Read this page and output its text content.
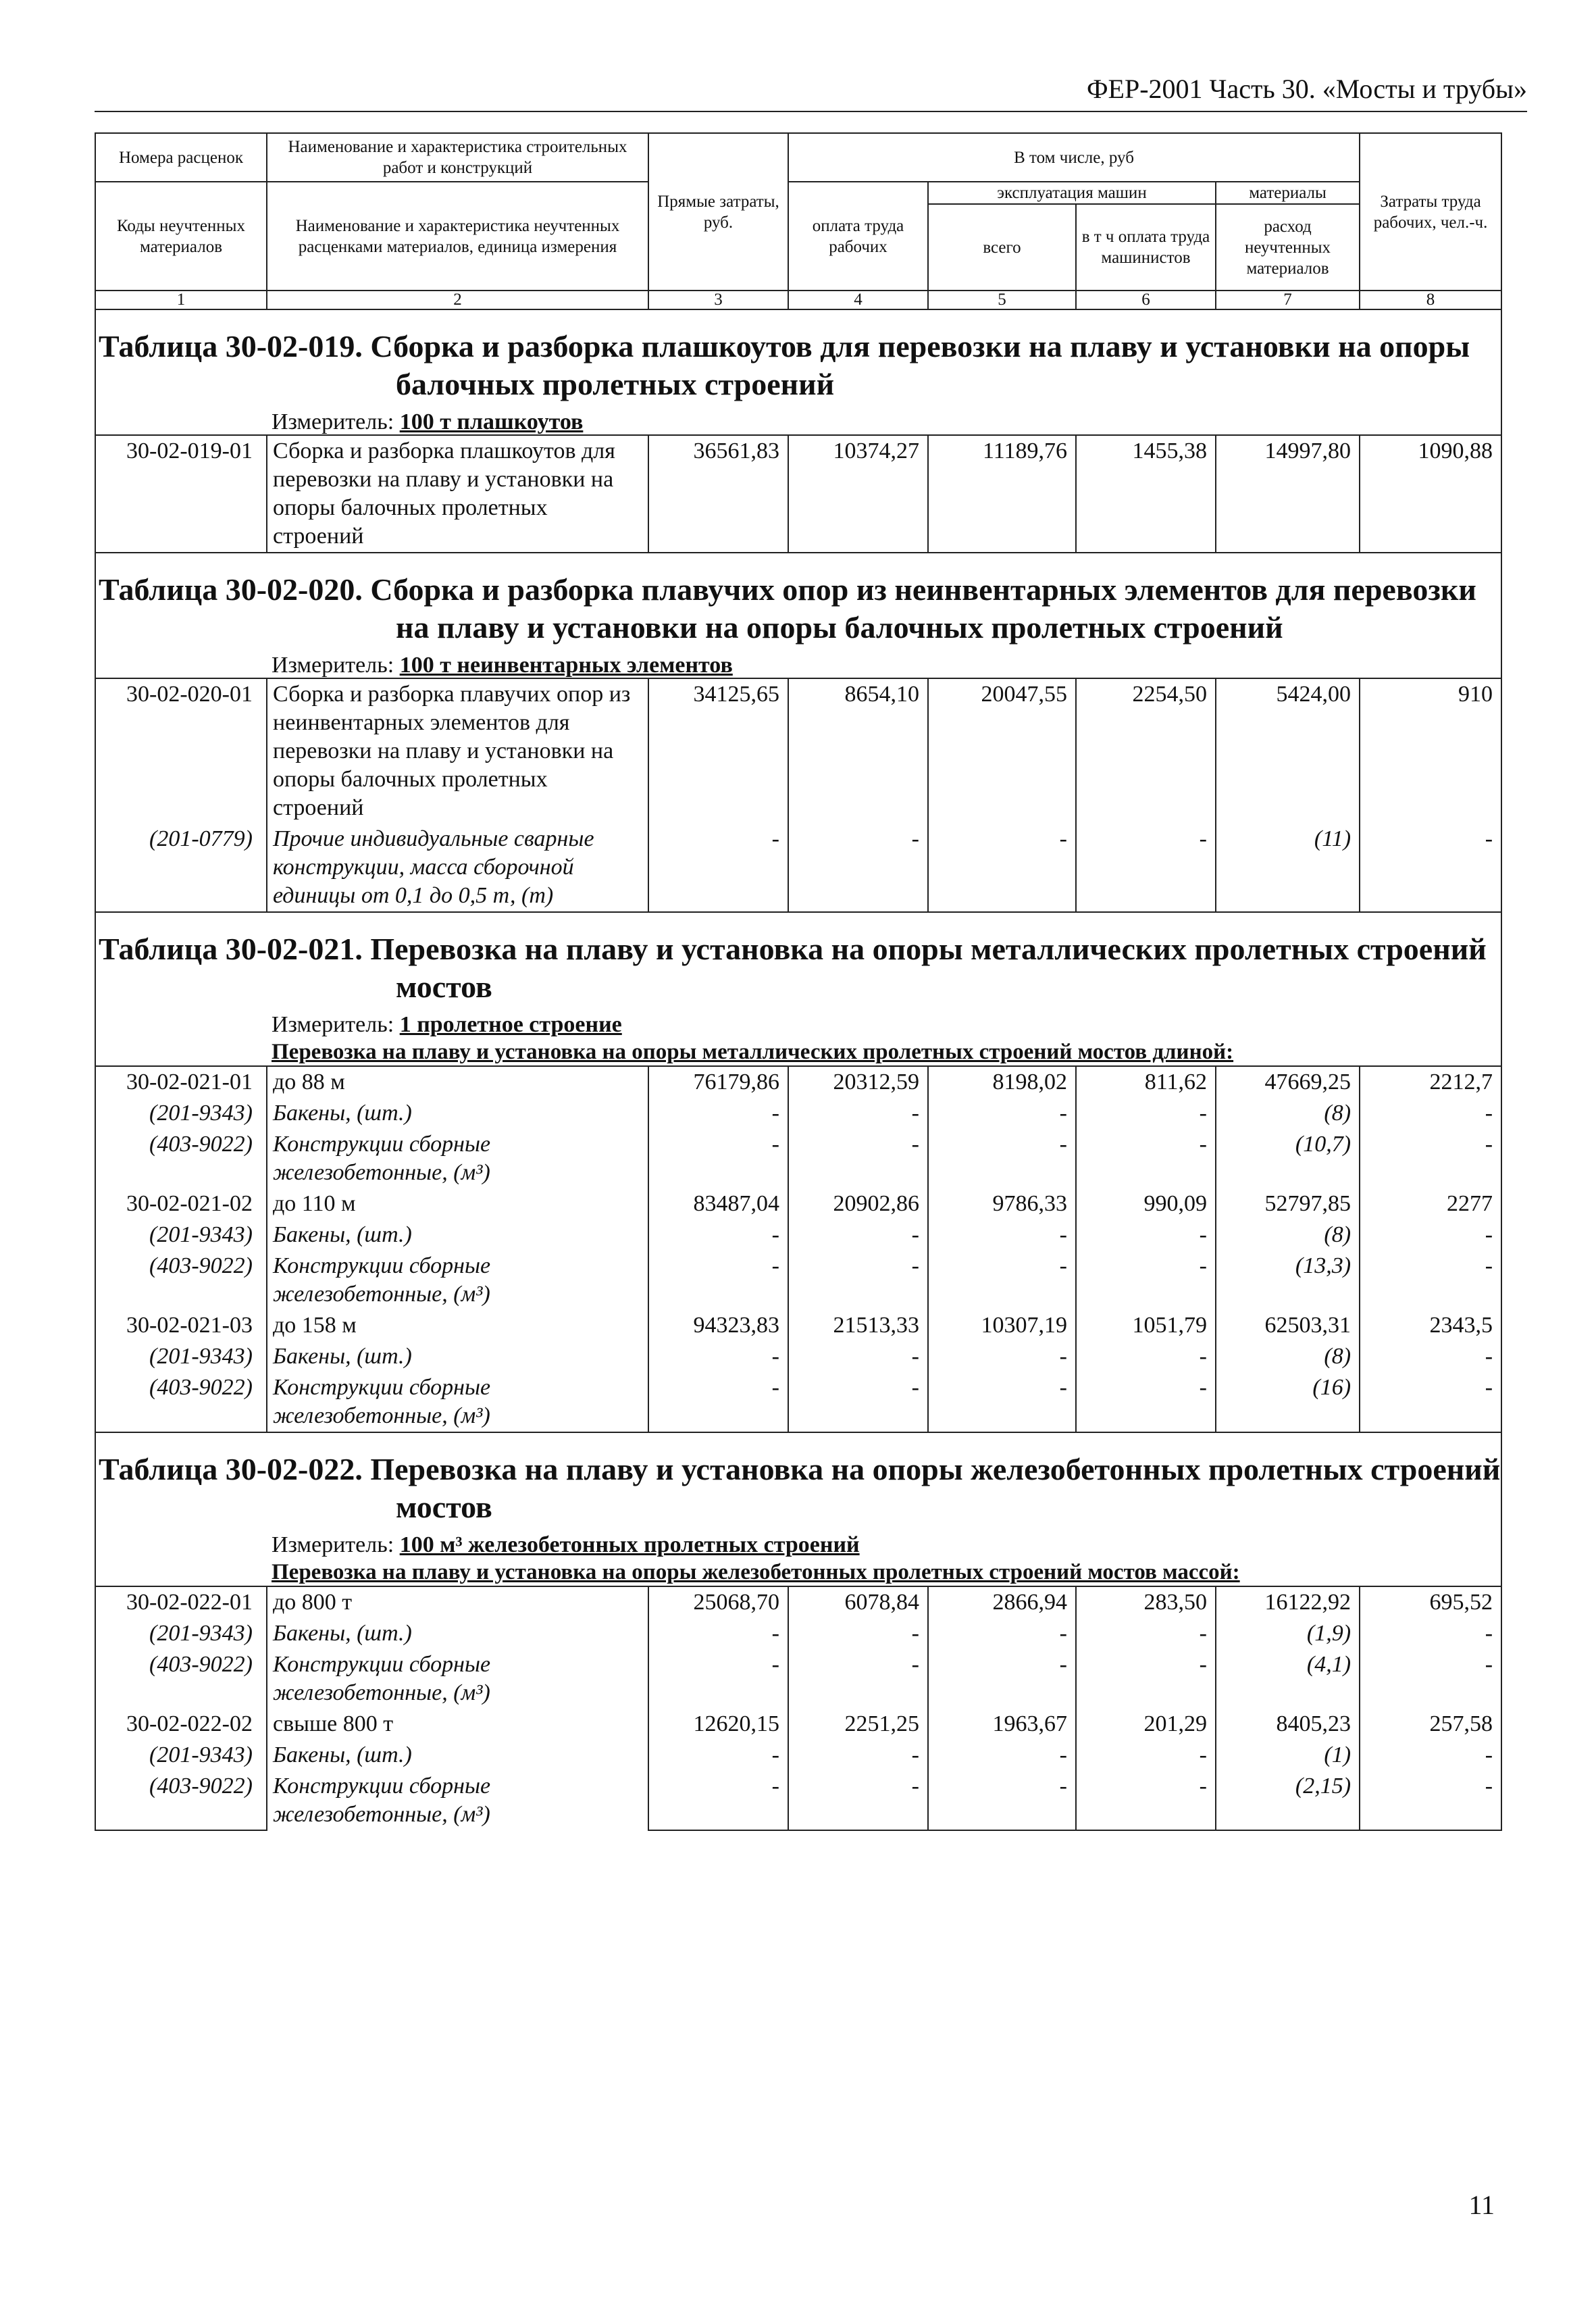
ФЕР-2001 Часть 30. «Мосты и трубы»
Номера расценок	Наименование и характеристика строительных работ и конструкций	Прямые затраты, руб.	В том числе, руб				Затраты труда рабочих, чел.-ч.
Коды неучтенных материалов	Наименование и характеристика неучтенных расценками материалов, единица измерения		оплата труда рабочих	эксплуатация машин		материалы	
				всего	в т ч оплата труда машинистов	расход неучтенных материалов	
1	2	3	4	5	6	7	8

Таблица 30-02-019. Сборка и разборка плашкоутов для перевозки на плаву и установки на опоры балочных пролетных строений							

Измеритель: 100 т плашкоутов							
30-02-019-01	Сборка и разборка плашкоутов для перевозки на плаву и установки на опоры балочных пролетных строений	36561,83	10374,27	11189,76	1455,38	14997,80	1090,88

Таблица 30-02-020. Сборка и разборка плавучих опор из неинвентарных элементов для перевозки на плаву и установки на опоры балочных пролетных строений							

Измеритель: 100 т неинвентарных элементов							
30-02-020-01	Сборка и разборка плавучих опор из неинвентарных элементов для перевозки на плаву и установки на опоры балочных пролетных строений	34125,65	8654,10	20047,55	2254,50	5424,00	910
(201-0779)	Прочие индивидуальные сварные конструкции, масса сборочной единицы от 0,1 до 0,5 т, (т)	-	-	-	-	(11)	-

Таблица 30-02-021. Перевозка на плаву и установка на опоры металлических пролетных строений мостов							

Измеритель: 1 пролетное строение							
Перевозка на плаву и установка на опоры металлических пролетных строений мостов длиной:							
30-02-021-01	до 88 м	76179,86	20312,59	8198,02	811,62	47669,25	2212,7
(201-9343)	Бакены, (шт.)	-	-	-	-	(8)	-
(403-9022)	Конструкции сборные железобетонные, (м³)	-	-	-	-	(10,7)	-
30-02-021-02	до 110 м	83487,04	20902,86	9786,33	990,09	52797,85	2277
(201-9343)	Бакены, (шт.)	-	-	-	-	(8)	-
(403-9022)	Конструкции сборные железобетонные, (м³)	-	-	-	-	(13,3)	-
30-02-021-03	до 158 м	94323,83	21513,33	10307,19	1051,79	62503,31	2343,5
(201-9343)	Бакены, (шт.)	-	-	-	-	(8)	-
(403-9022)	Конструкции сборные железобетонные, (м³)	-	-	-	-	(16)	-

Таблица 30-02-022. Перевозка на плаву и установка на опоры железобетонных пролетных строений мостов							

Измеритель: 100 м³ железобетонных пролетных строений							
Перевозка на плаву и установка на опоры железобетонных пролетных строений мостов массой:							
30-02-022-01	до 800 т	25068,70	6078,84	2866,94	283,50	16122,92	695,52
(201-9343)	Бакены, (шт.)	-	-	-	-	(1,9)	-
(403-9022)	Конструкции сборные железобетонные, (м³)	-	-	-	-	(4,1)	-
30-02-022-02	свыше 800 т	12620,15	2251,25	1963,67	201,29	8405,23	257,58
(201-9343)	Бакены, (шт.)	-	-	-	-	(1)	-
(403-9022)	Конструкции сборные железобетонные, (м³)	-	-	-	-	(2,15)	-
11
